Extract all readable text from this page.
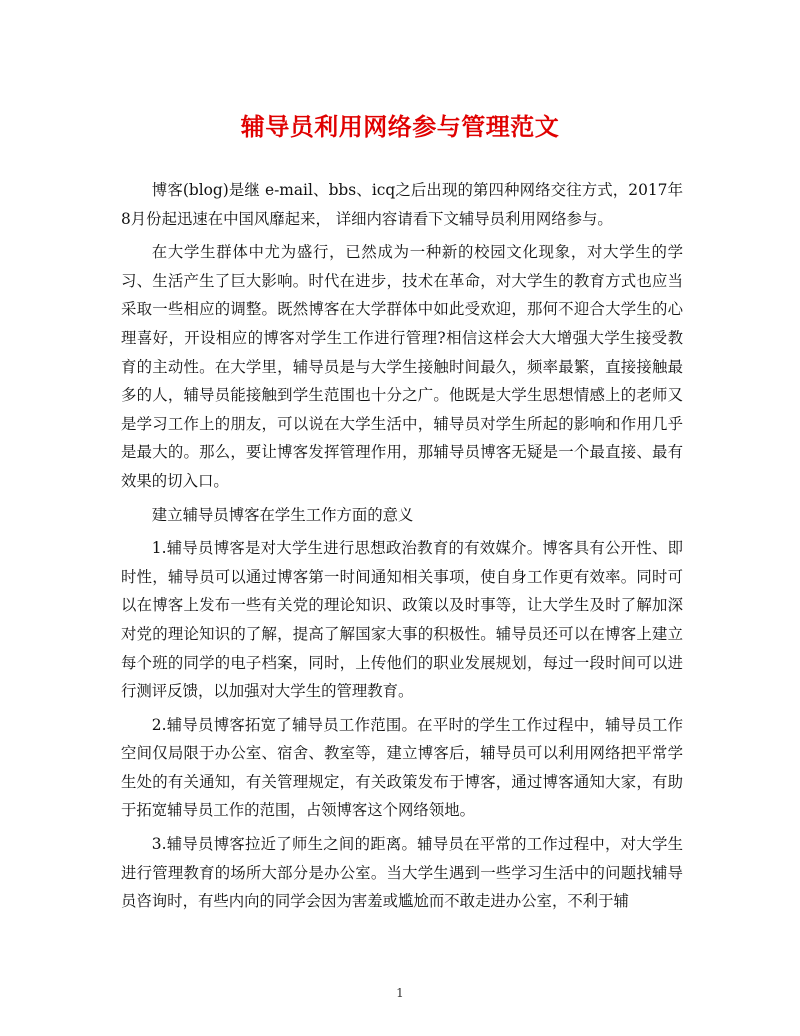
辅导员利用网络参与管理范文

博客(blog)是继 e-mail、bbs、icq之后出现的第四种网络交往方式，2017年8月份起迅速在中国风靡起来， 详细内容请看下文辅导员利用网络参与。

在大学生群体中尤为盛行，已然成为一种新的校园文化现象，对大学生的学习、生活产生了巨大影响。时代在进步，技术在革命，对大学生的教育方式也应当采取一些相应的调整。既然博客在大学群体中如此受欢迎，那何不迎合大学生的心理喜好，开设相应的博客对学生工作进行管理?相信这样会大大增强大学生接受教育的主动性。在大学里，辅导员是与大学生接触时间最久，频率最繁，直接接触最多的人，辅导员能接触到学生范围也十分之广。他既是大学生思想情感上的老师又是学习工作上的朋友，可以说在大学生活中，辅导员对学生所起的影响和作用几乎是最大的。那么，要让博客发挥管理作用，那辅导员博客无疑是一个最直接、最有效果的切入口。

建立辅导员博客在学生工作方面的意义

1.辅导员博客是对大学生进行思想政治教育的有效媒介。博客具有公开性、即时性，辅导员可以通过博客第一时间通知相关事项，使自身工作更有效率。同时可以在博客上发布一些有关党的理论知识、政策以及时事等，让大学生及时了解加深对党的理论知识的了解，提高了解国家大事的积极性。辅导员还可以在博客上建立每个班的同学的电子档案，同时，上传他们的职业发展规划，每过一段时间可以进行测评反馈，以加强对大学生的管理教育。

2.辅导员博客拓宽了辅导员工作范围。在平时的学生工作过程中，辅导员工作空间仅局限于办公室、宿舍、教室等，建立博客后，辅导员可以利用网络把平常学生处的有关通知，有关管理规定，有关政策发布于博客，通过博客通知大家，有助于拓宽辅导员工作的范围，占领博客这个网络领地。

3.辅导员博客拉近了师生之间的距离。辅导员在平常的工作过程中，对大学生进行管理教育的场所大部分是办公室。当大学生遇到一些学习生活中的问题找辅导员咨询时，有些内向的同学会因为害羞或尴尬而不敢走进办公室，不利于辅

1
